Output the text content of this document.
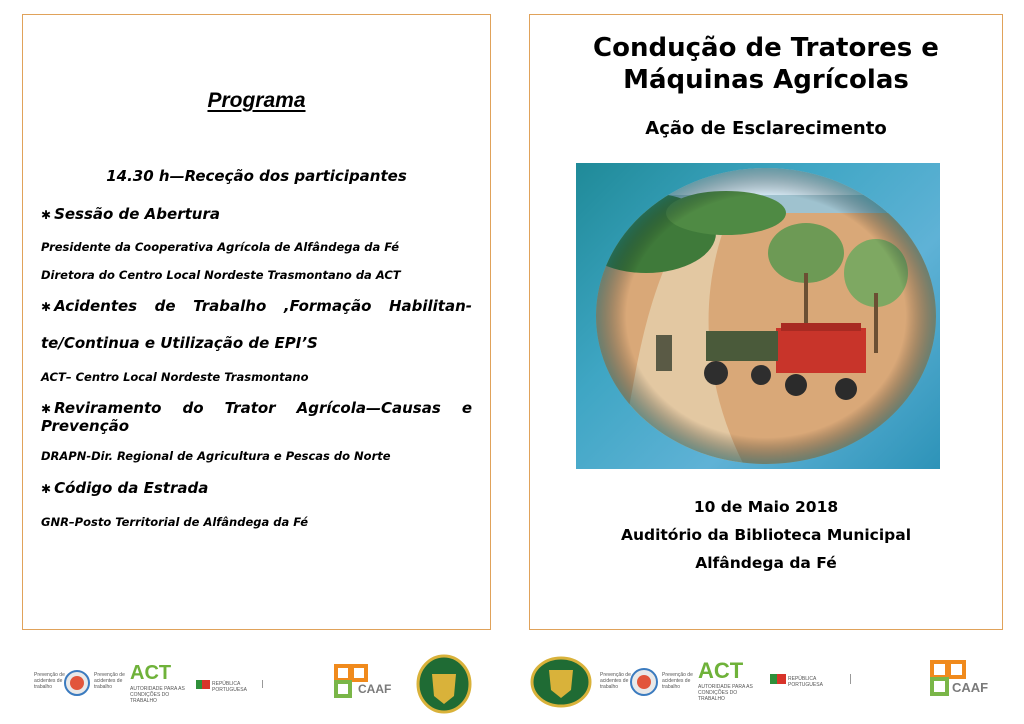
Programa
14.30 h—Receção dos participantes
✱ Sessão de Abertura
Presidente da Cooperativa Agrícola de Alfândega da Fé
Diretora do Centro Local Nordeste Trasmontano da ACT
✱ Acidentes de Trabalho ,Formação Habilitan-
te/Continua e Utilização de EPI’S
ACT– Centro Local Nordeste Trasmontano
✱ Reviramento do Trator Agrícola—Causas e
Prevenção
DRAPN-Dir. Regional de Agricultura e Pescas do Norte
✱ Código da Estrada
GNR–Posto Territorial de Alfândega da Fé
Condução de Tratores e
Máquinas Agrícolas
Ação de Esclarecimento
10 de Maio 2018
Auditório da Biblioteca Municipal
Alfândega da Fé
Prevenção de acidentes de trabalho
Prevenção de acidentes de trabalho
ACT
AUTORIDADE PARA AS CONDIÇÕES DO TRABALHO
REPÚBLICA PORTUGUESA	CAAF
Prevenção de acidentes de trabalho
Prevenção de acidentes de trabalho
ACT
AUTORIDADE PARA AS CONDIÇÕES DO TRABALHO
REPÚBLICA PORTUGUESA	CAAF
